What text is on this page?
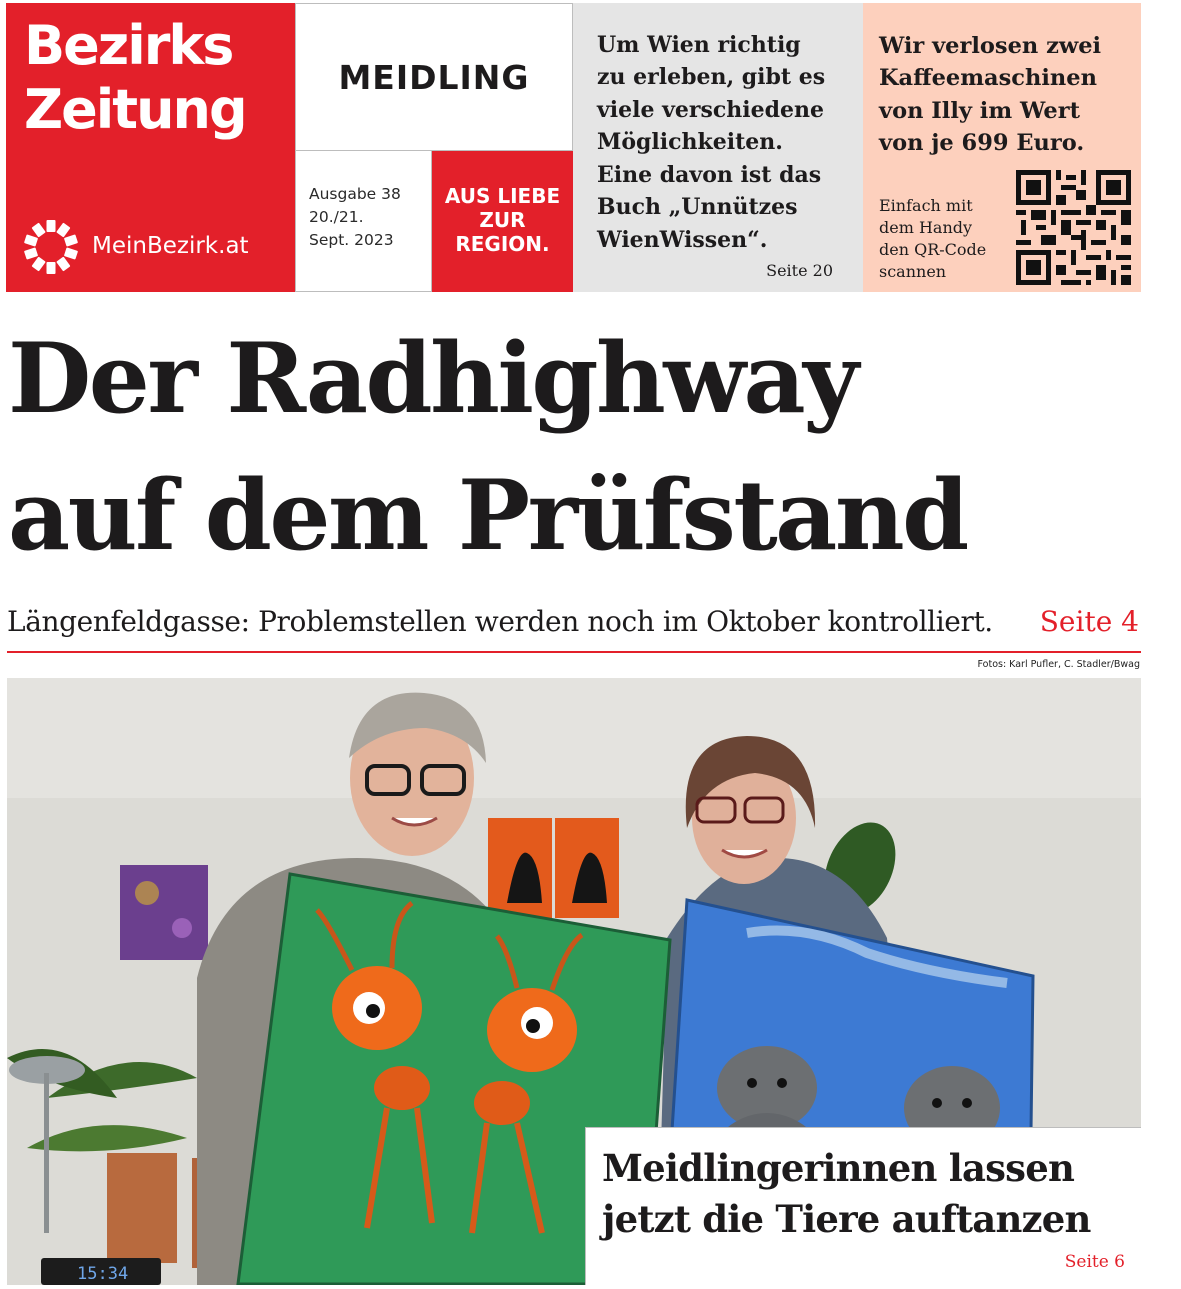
Bezirks
Zeitung
MeinBezirk.at
MEIDLING
Ausgabe 38
20./21.
Sept. 2023
AUS LIEBE
ZUR
REGION.
Um Wien richtig
zu erleben, gibt es
viele verschiedene
Möglichkeiten.
Eine davon ist das
Buch „Unnützes
WienWissen“.
Seite 20
Wir verlosen zwei
Kaffeemaschinen
von Illy im Wert
von je 699 Euro.
Einfach mit
dem Handy
den QR-Code
scannen
Der Radhighway
auf dem Prüfstand
Längenfeldgasse: Problemstellen werden noch im Oktober kontrolliert. Seite 4
Fotos: Karl Pufler, C. Stadler/Bwag
15:34
Meidlingerinnen lassen
jetzt die Tiere auftanzen
Seite 6
